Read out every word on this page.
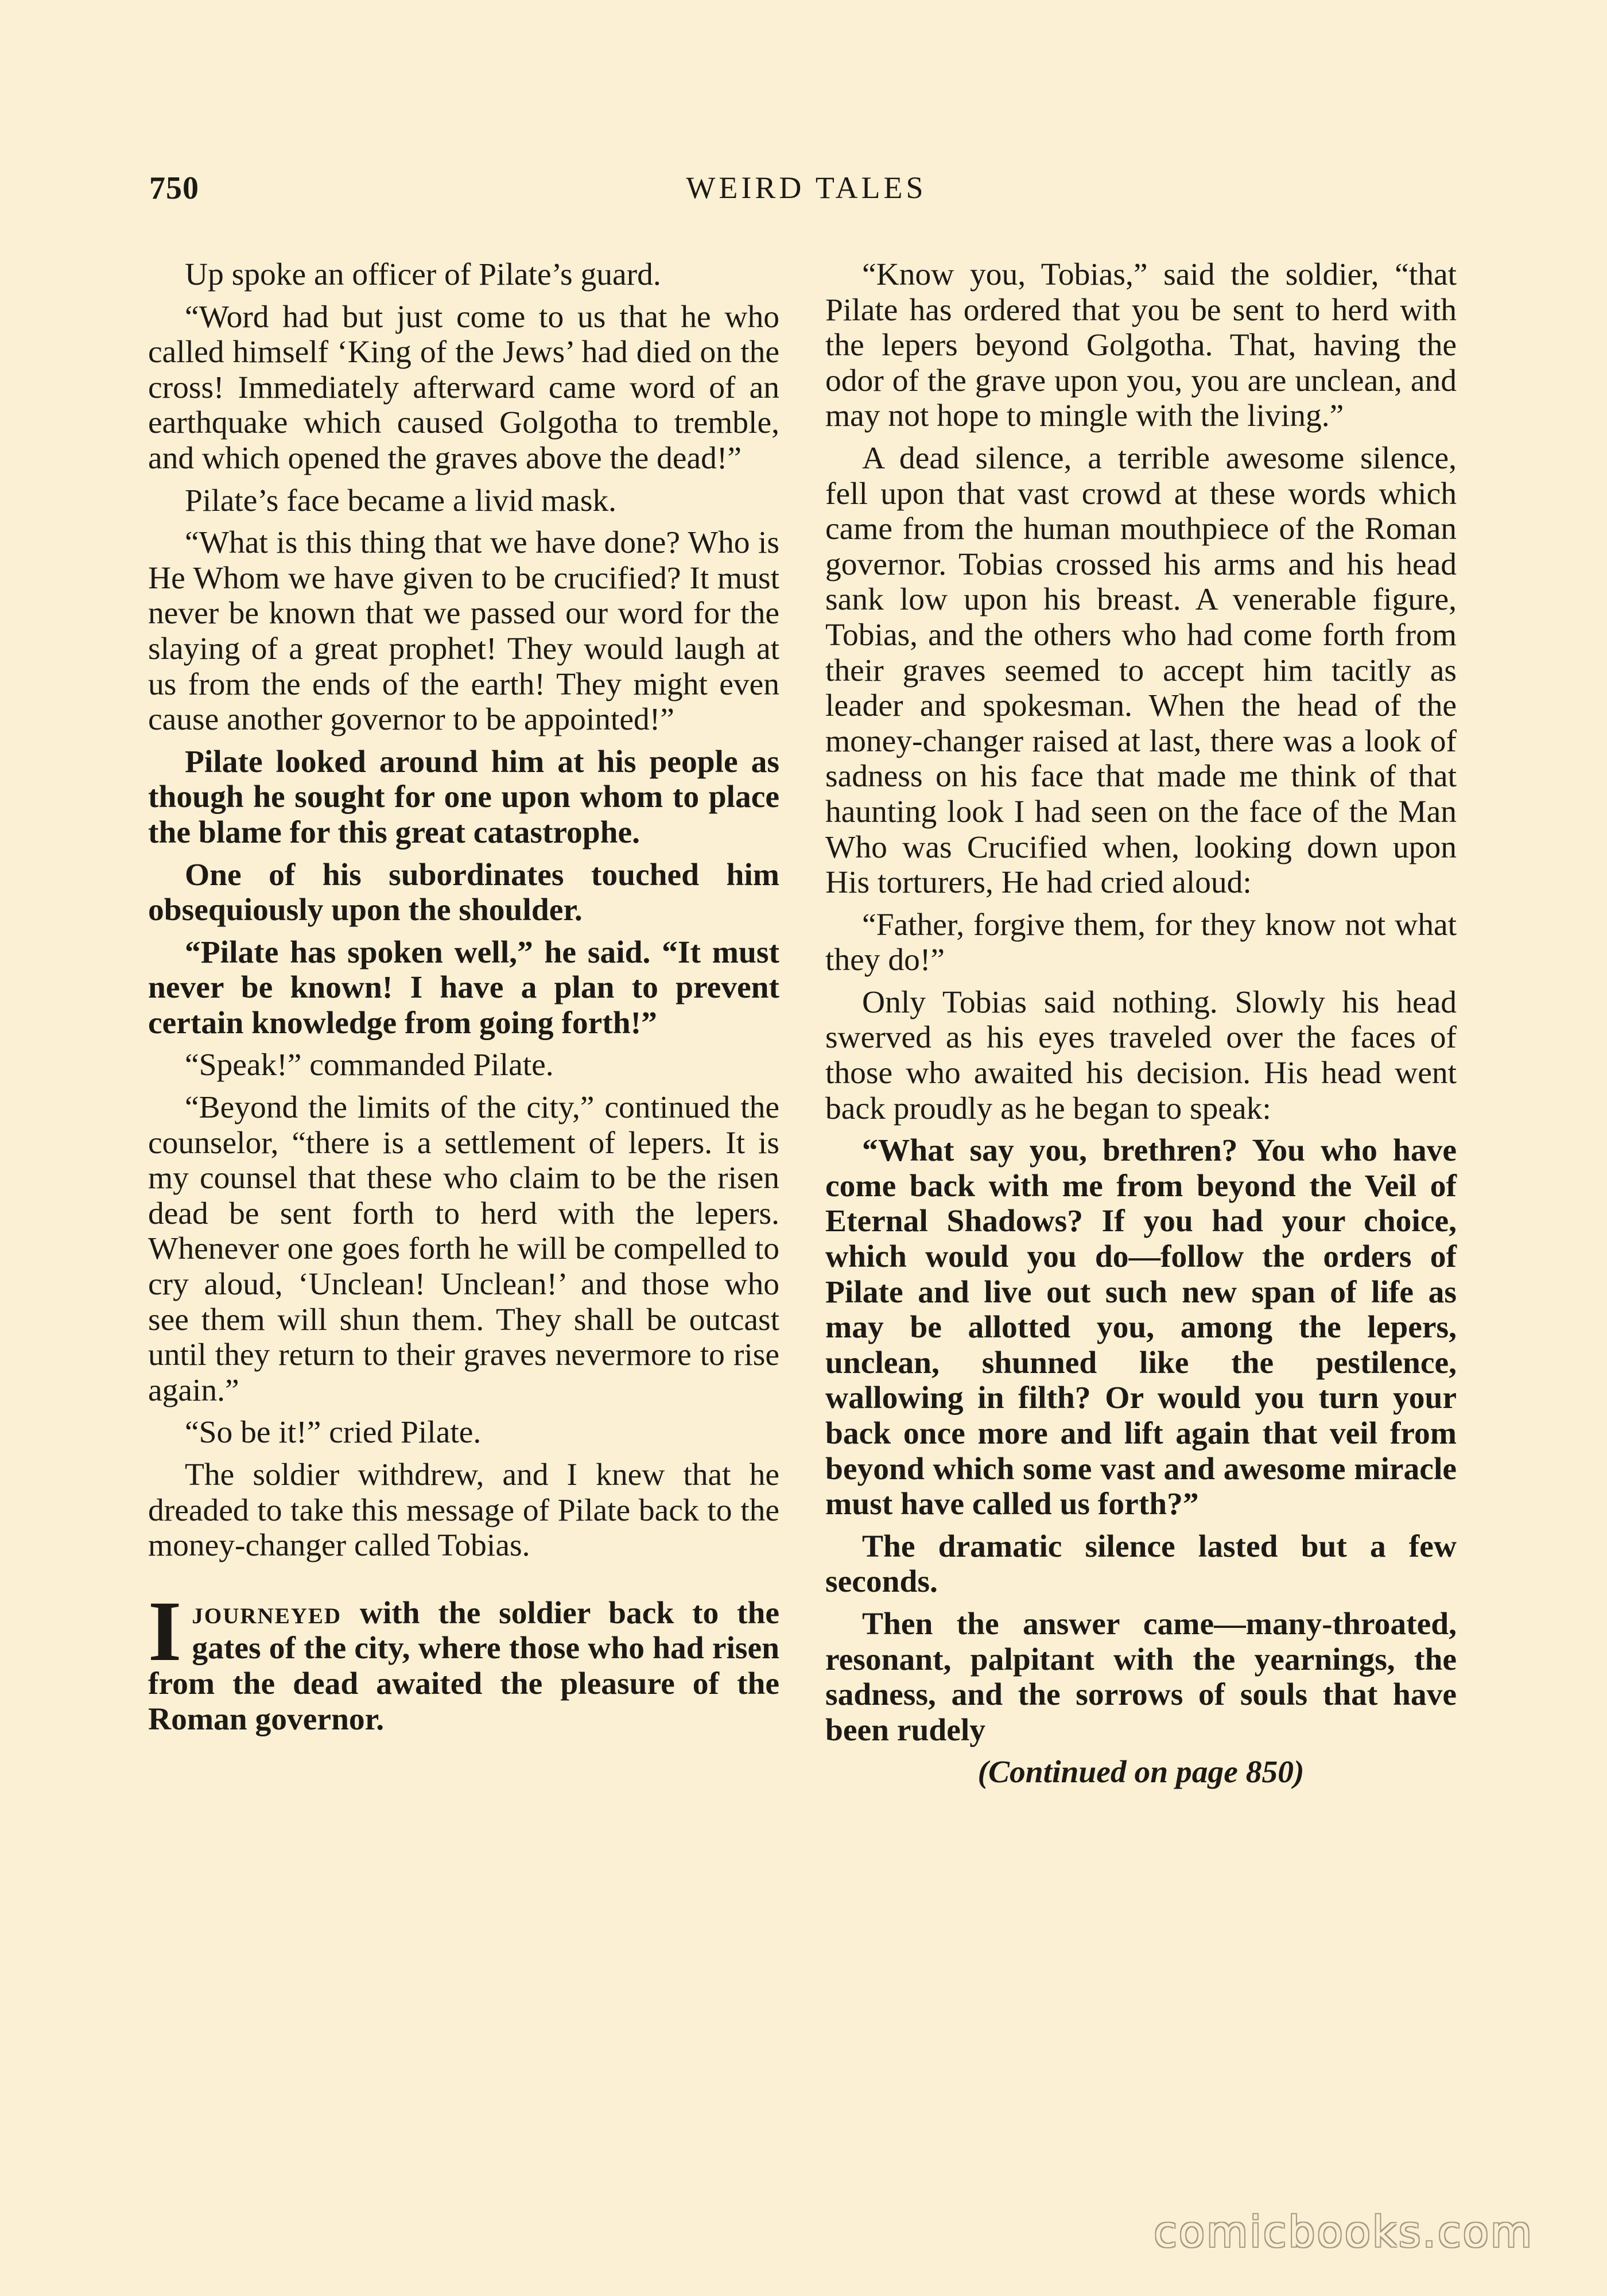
750	WEIRD TALES

Up spoke an officer of Pilate’s guard.

“Word had but just come to us that he who called himself ‘King of the Jews’ had died on the cross! Immediately afterward came word of an earthquake which caused Golgotha to tremble, and which opened the graves above the dead!”

Pilate’s face became a livid mask.

“What is this thing that we have done? Who is He Whom we have given to be crucified? It must never be known that we passed our word for the slaying of a great prophet! They would laugh at us from the ends of the earth! They might even cause another governor to be appointed!”

Pilate looked around him at his people as though he sought for one upon whom to place the blame for this great catastrophe.

One of his subordinates touched him obsequiously upon the shoulder.

“Pilate has spoken well,” he said. “It must never be known! I have a plan to prevent certain knowledge from going forth!”

“Speak!” commanded Pilate.

“Beyond the limits of the city,” continued the counselor, “there is a settlement of lepers. It is my counsel that these who claim to be the risen dead be sent forth to herd with the lepers. Whenever one goes forth he will be compelled to cry aloud, ‘Unclean! Unclean!’ and those who see them will shun them. They shall be outcast until they return to their graves nevermore to rise again.”

“So be it!” cried Pilate.

The soldier withdrew, and I knew that he dreaded to take this message of Pilate back to the money-changer called Tobias.

Ijourneyed with the soldier back to the gates of the city, where those who had risen from the dead awaited the pleasure of the Roman governor.

“Know you, Tobias,” said the soldier, “that Pilate has ordered that you be sent to herd with the lepers beyond Golgotha. That, having the odor of the grave upon you, you are unclean, and may not hope to mingle with the living.”

A dead silence, a terrible awesome silence, fell upon that vast crowd at these words which came from the human mouthpiece of the Roman governor. Tobias crossed his arms and his head sank low upon his breast. A venerable figure, Tobias, and the others who had come forth from their graves seemed to accept him tacitly as leader and spokesman. When the head of the money-changer raised at last, there was a look of sadness on his face that made me think of that haunting look I had seen on the face of the Man Who was Crucified when, looking down upon His torturers, He had cried aloud:

“Father, forgive them, for they know not what they do!”

Only Tobias said nothing. Slowly his head swerved as his eyes traveled over the faces of those who awaited his decision. His head went back proudly as he began to speak:

“What say you, brethren? You who have come back with me from beyond the Veil of Eternal Shadows? If you had your choice, which would you do—follow the orders of Pilate and live out such new span of life as may be allotted you, among the lepers, unclean, shunned like the pestilence, wallowing in filth? Or would you turn your back once more and lift again that veil from beyond which some vast and awesome miracle must have called us forth?”

The dramatic silence lasted but a few seconds.

Then the answer came—many-throated, resonant, palpitant with the yearnings, the sadness, and the sorrows of souls that have been rudely

(Continued on page 850)

comicbooks.com
